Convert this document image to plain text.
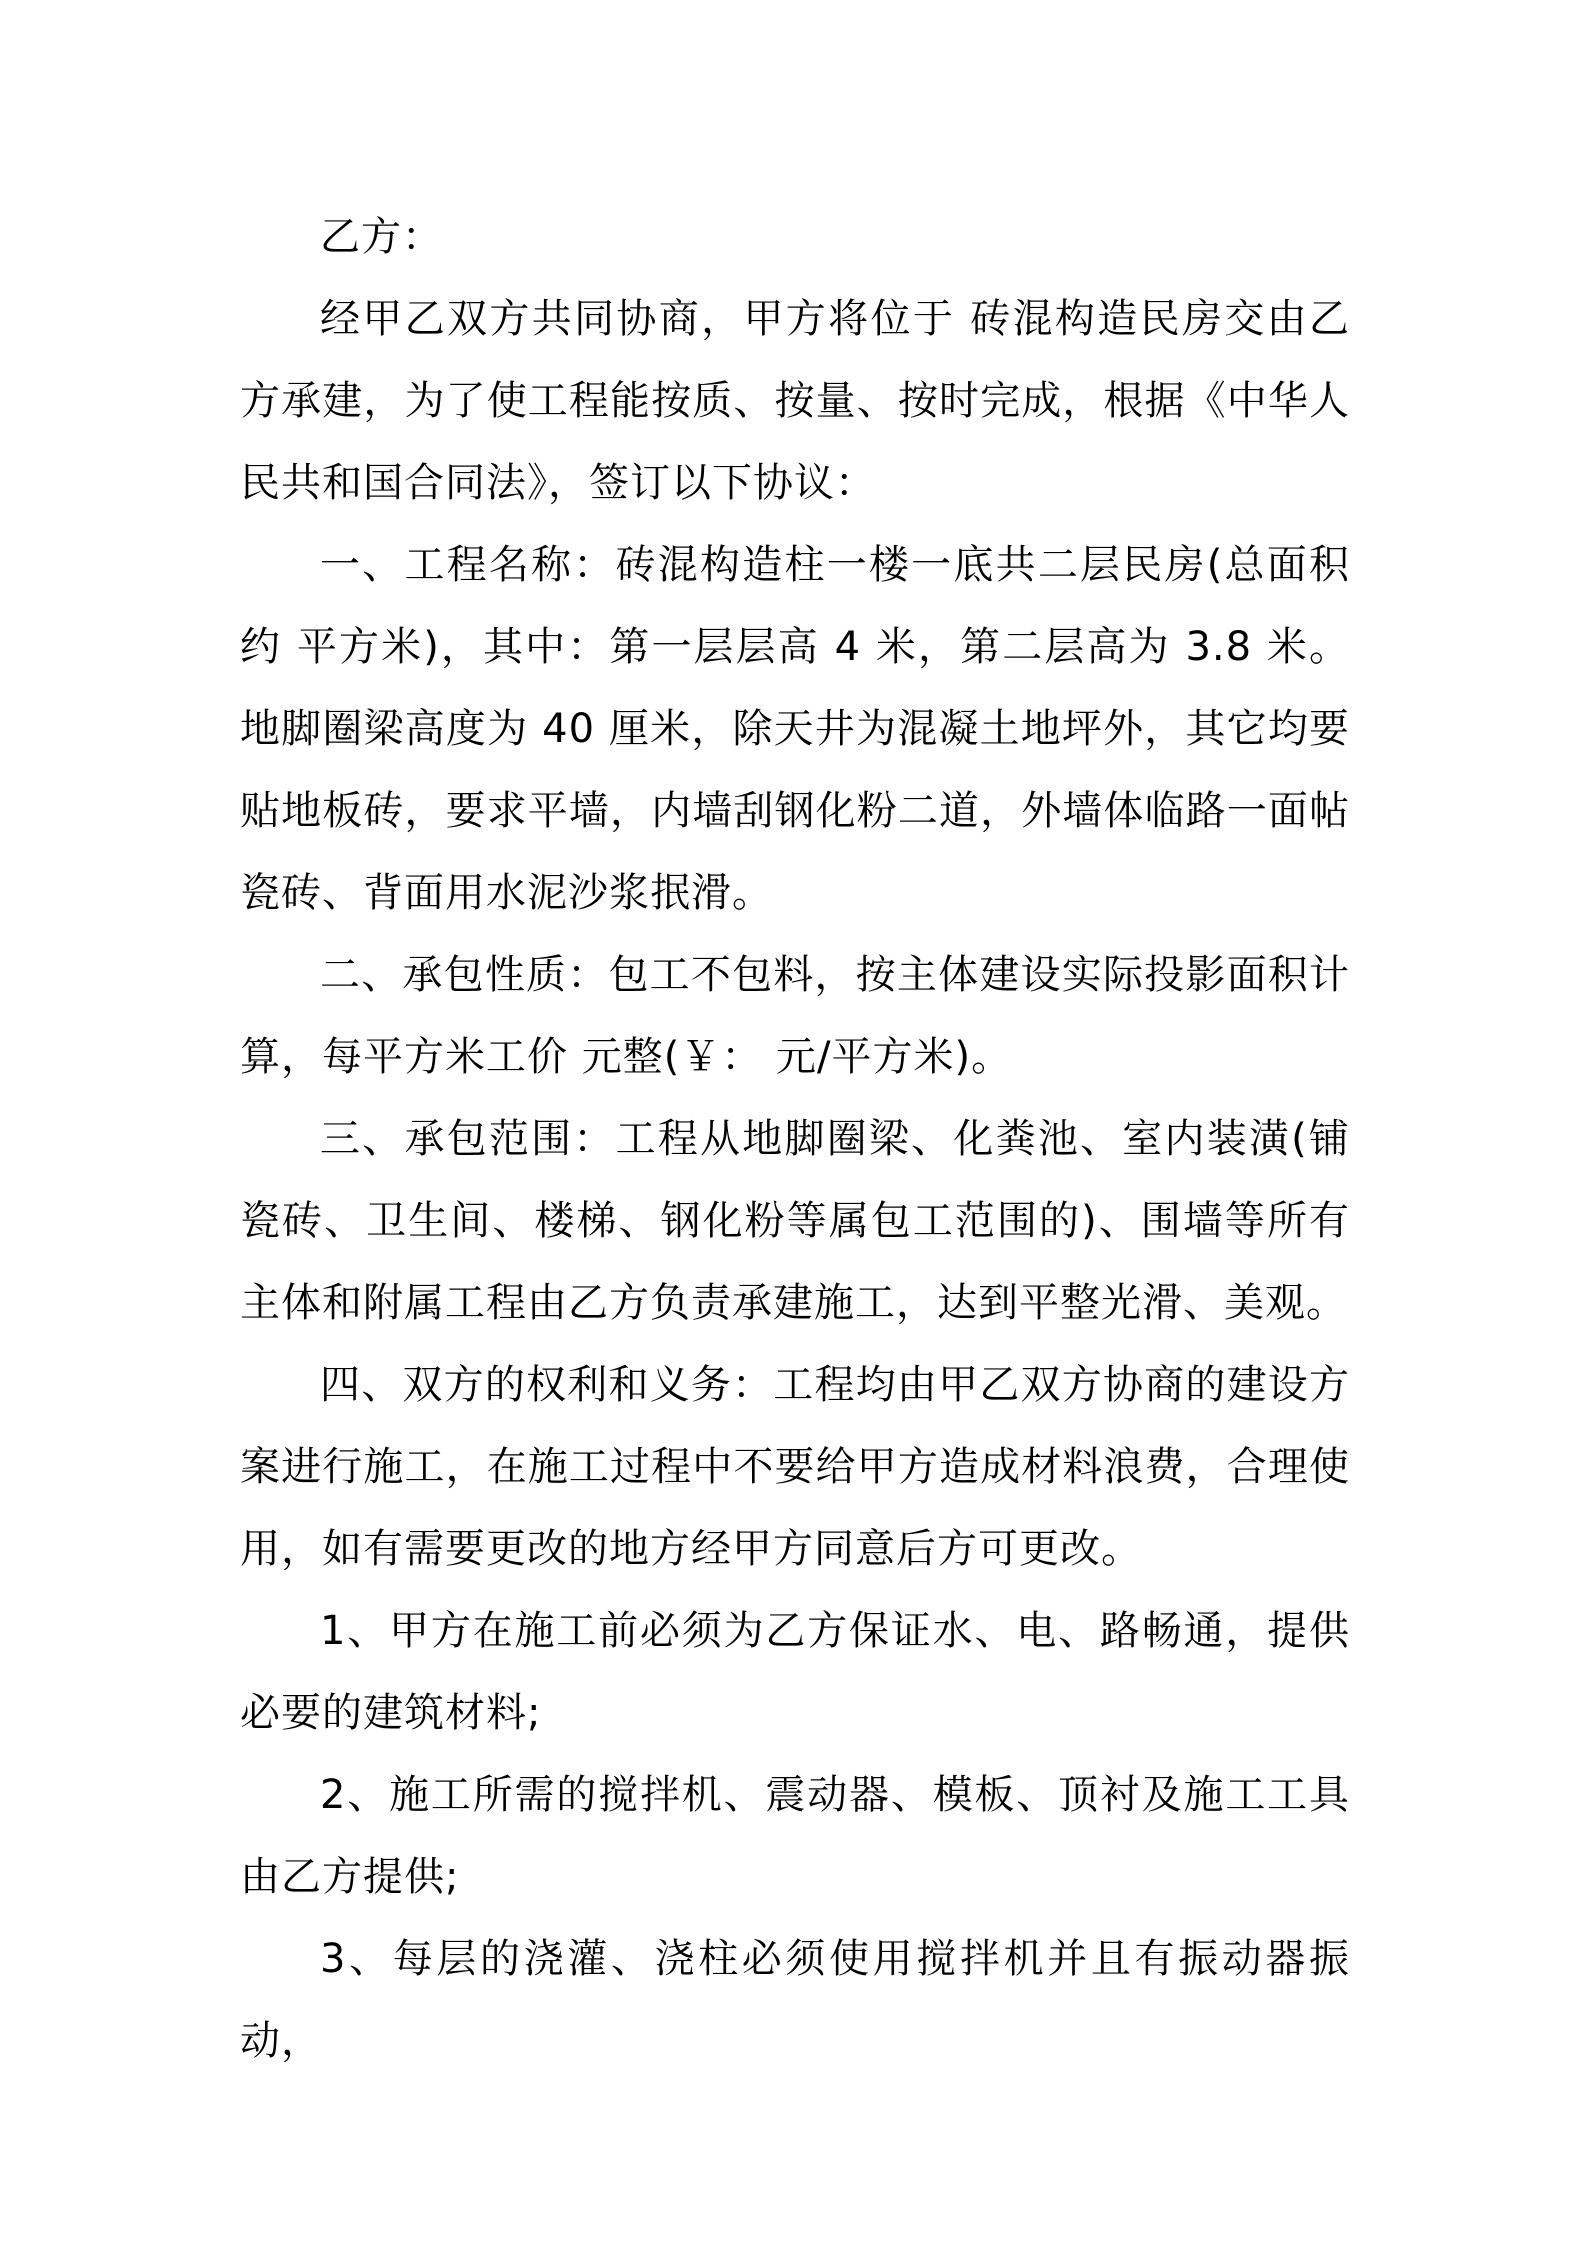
乙方：

经甲乙双方共同协商，甲方将位于 砖混构造民房交由乙方承建，为了使工程能按质、按量、按时完成，根据《中华人民共和国合同法》，签订以下协议：

一、工程名称：砖混构造柱一楼一底共二层民房(总面积约 平方米)，其中：第一层层高 4 米，第二层高为 3.8 米。地脚圈梁高度为 40 厘米，除天井为混凝土地坪外，其它均要贴地板砖，要求平墙，内墙刮钢化粉二道，外墙体临路一面帖瓷砖、背面用水泥沙浆抿滑。

二、承包性质：包工不包料，按主体建设实际投影面积计算，每平方米工价 元整(￥： 元/平方米)。

三、承包范围：工程从地脚圈梁、化粪池、室内装潢(铺瓷砖、卫生间、楼梯、钢化粉等属包工范围的)、围墙等所有主体和附属工程由乙方负责承建施工，达到平整光滑、美观。

四、双方的权利和义务：工程均由甲乙双方协商的建设方案进行施工，在施工过程中不要给甲方造成材料浪费，合理使用，如有需要更改的地方经甲方同意后方可更改。

1、甲方在施工前必须为乙方保证水、电、路畅通，提供必要的建筑材料;

2、施工所需的搅拌机、震动器、模板、顶衬及施工工具由乙方提供;

3、每层的浇灌、浇柱必须使用搅拌机并且有振动器振动，
